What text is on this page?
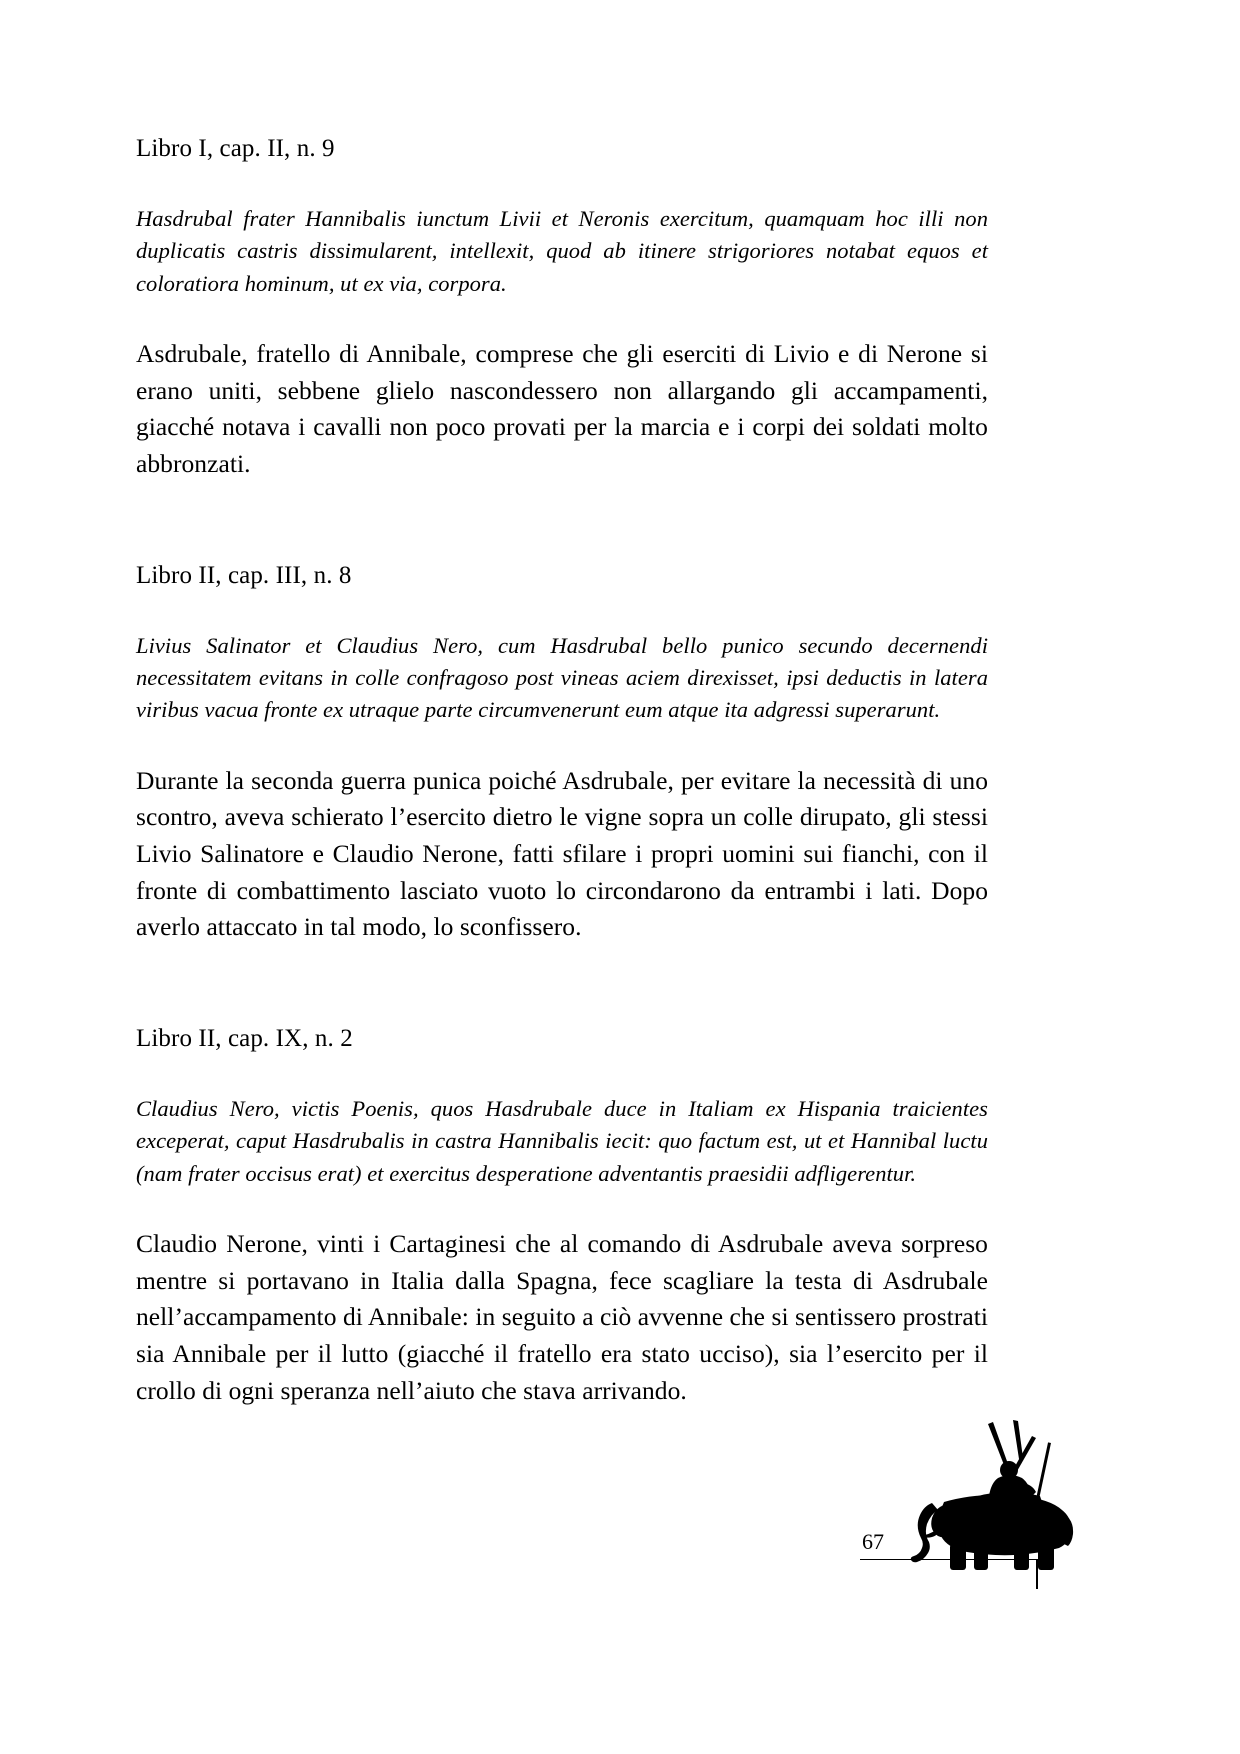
Libro I, cap. II, n. 9

Hasdrubal frater Hannibalis iunctum Livii et Neronis exercitum, quamquam hoc illi non duplicatis castris dissimularent, intellexit, quod ab itinere strigoriores notabat equos et coloratiora hominum, ut ex via, corpora.

Asdrubale, fratello di Annibale, comprese che gli eserciti di Livio e di Nerone si erano uniti, sebbene glielo nascondessero non allargando gli accampamenti, giacché notava i cavalli non poco provati per la marcia e i corpi dei soldati molto abbronzati.

Libro II, cap. III, n. 8

Livius Salinator et Claudius Nero, cum Hasdrubal bello punico secundo decernendi necessitatem evitans in colle confragoso post vineas aciem direxisset, ipsi deductis in latera viribus vacua fronte ex utraque parte circumvenerunt eum atque ita adgressi superarunt.

Durante la seconda guerra punica poiché Asdrubale, per evitare la necessità di uno scontro, aveva schierato l’esercito dietro le vigne sopra un colle dirupato, gli stessi Livio Salinatore e Claudio Nerone, fatti sfilare i propri uomini sui fianchi, con il fronte di combattimento lasciato vuoto lo circondarono da entrambi i lati. Dopo averlo attaccato in tal modo, lo sconfissero.

Libro II, cap. IX, n. 2

Claudius Nero, victis Poenis, quos Hasdrubale duce in Italiam ex Hispania traicientes exceperat, caput Hasdrubalis in castra Hannibalis iecit: quo factum est, ut et Hannibal luctu (nam frater occisus erat) et exercitus desperatione adventantis praesidii adfligerentur.

Claudio Nerone, vinti i Cartaginesi che al comando di Asdrubale aveva sorpreso mentre si portavano in Italia dalla Spagna, fece scagliare la testa di Asdrubale nell’accampamento di Annibale: in seguito a ciò avvenne che si sentissero prostrati sia Annibale per il lutto (giacché il fratello era stato ucciso), sia l’esercito per il crollo di ogni speranza nell’aiuto che stava arrivando.

67
